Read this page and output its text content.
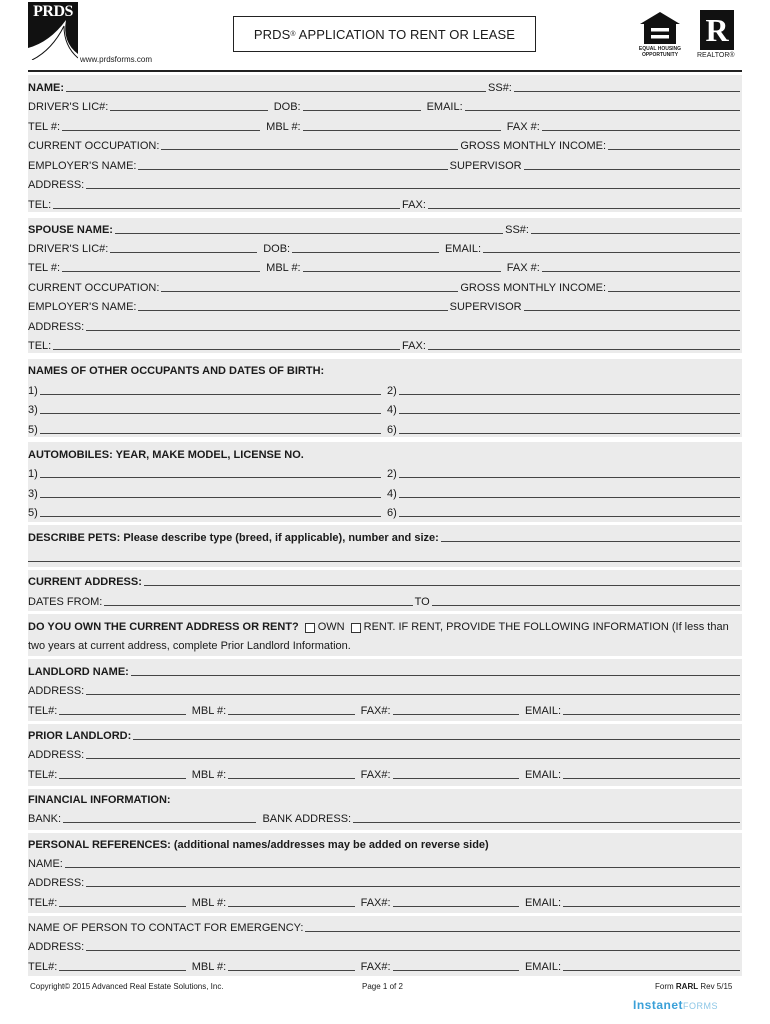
PRDS
www.prdsforms.com
PRDS ® APPLICATION TO RENT OR LEASE
EQUAL HOUSING
OPPORTUNITY
R
REALTOR®
NAME:	SS#:
DRIVER'S LIC#:	DOB:	EMAIL:
TEL #:	MBL #:	FAX #:
CURRENT OCCUPATION:	GROSS MONTHLY INCOME:
EMPLOYER'S NAME:	SUPERVISOR
ADDRESS:
TEL:	FAX:
SPOUSE NAME:	SS#:
DRIVER'S LIC#:	DOB:	EMAIL:
TEL #:	MBL #:	FAX #:
CURRENT OCCUPATION:	GROSS MONTHLY INCOME:
EMPLOYER'S NAME:	SUPERVISOR
ADDRESS:
TEL:	FAX:
NAMES OF OTHER OCCUPANTS AND DATES OF BIRTH:
1)	2)
3)	4)
5)	6)
AUTOMOBILES: YEAR, MAKE MODEL, LICENSE NO.
1)	2)
3)	4)
5)	6)
DESCRIBE PETS: Please describe type (breed, if applicable), number and size:
CURRENT ADDRESS:
DATES FROM:	TO
DO YOU OWN THE CURRENT ADDRESS OR RENT? OWN RENT. IF RENT, PROVIDE THE FOLLOWING INFORMATION (If less than
two years at current address, complete Prior Landlord Information.
LANDLORD NAME:
ADDRESS:
TEL#:	MBL #:	FAX#:	EMAIL:
PRIOR LANDLORD:
ADDRESS:
TEL#:	MBL #:	FAX#:	EMAIL:
FINANCIAL INFORMATION:
BANK:	BANK ADDRESS:
PERSONAL REFERENCES: (additional names/addresses may be added on reverse side)
NAME:
ADDRESS:
TEL#:	MBL #:	FAX#:	EMAIL:
NAME OF PERSON TO CONTACT FOR EMERGENCY:
ADDRESS:
TEL#:	MBL #:	FAX#:	EMAIL:
Copyright© 2015 Advanced Real Estate Solutions, Inc.	Page 1 of 2	Form RARL Rev 5/15
InstanetFORMS
